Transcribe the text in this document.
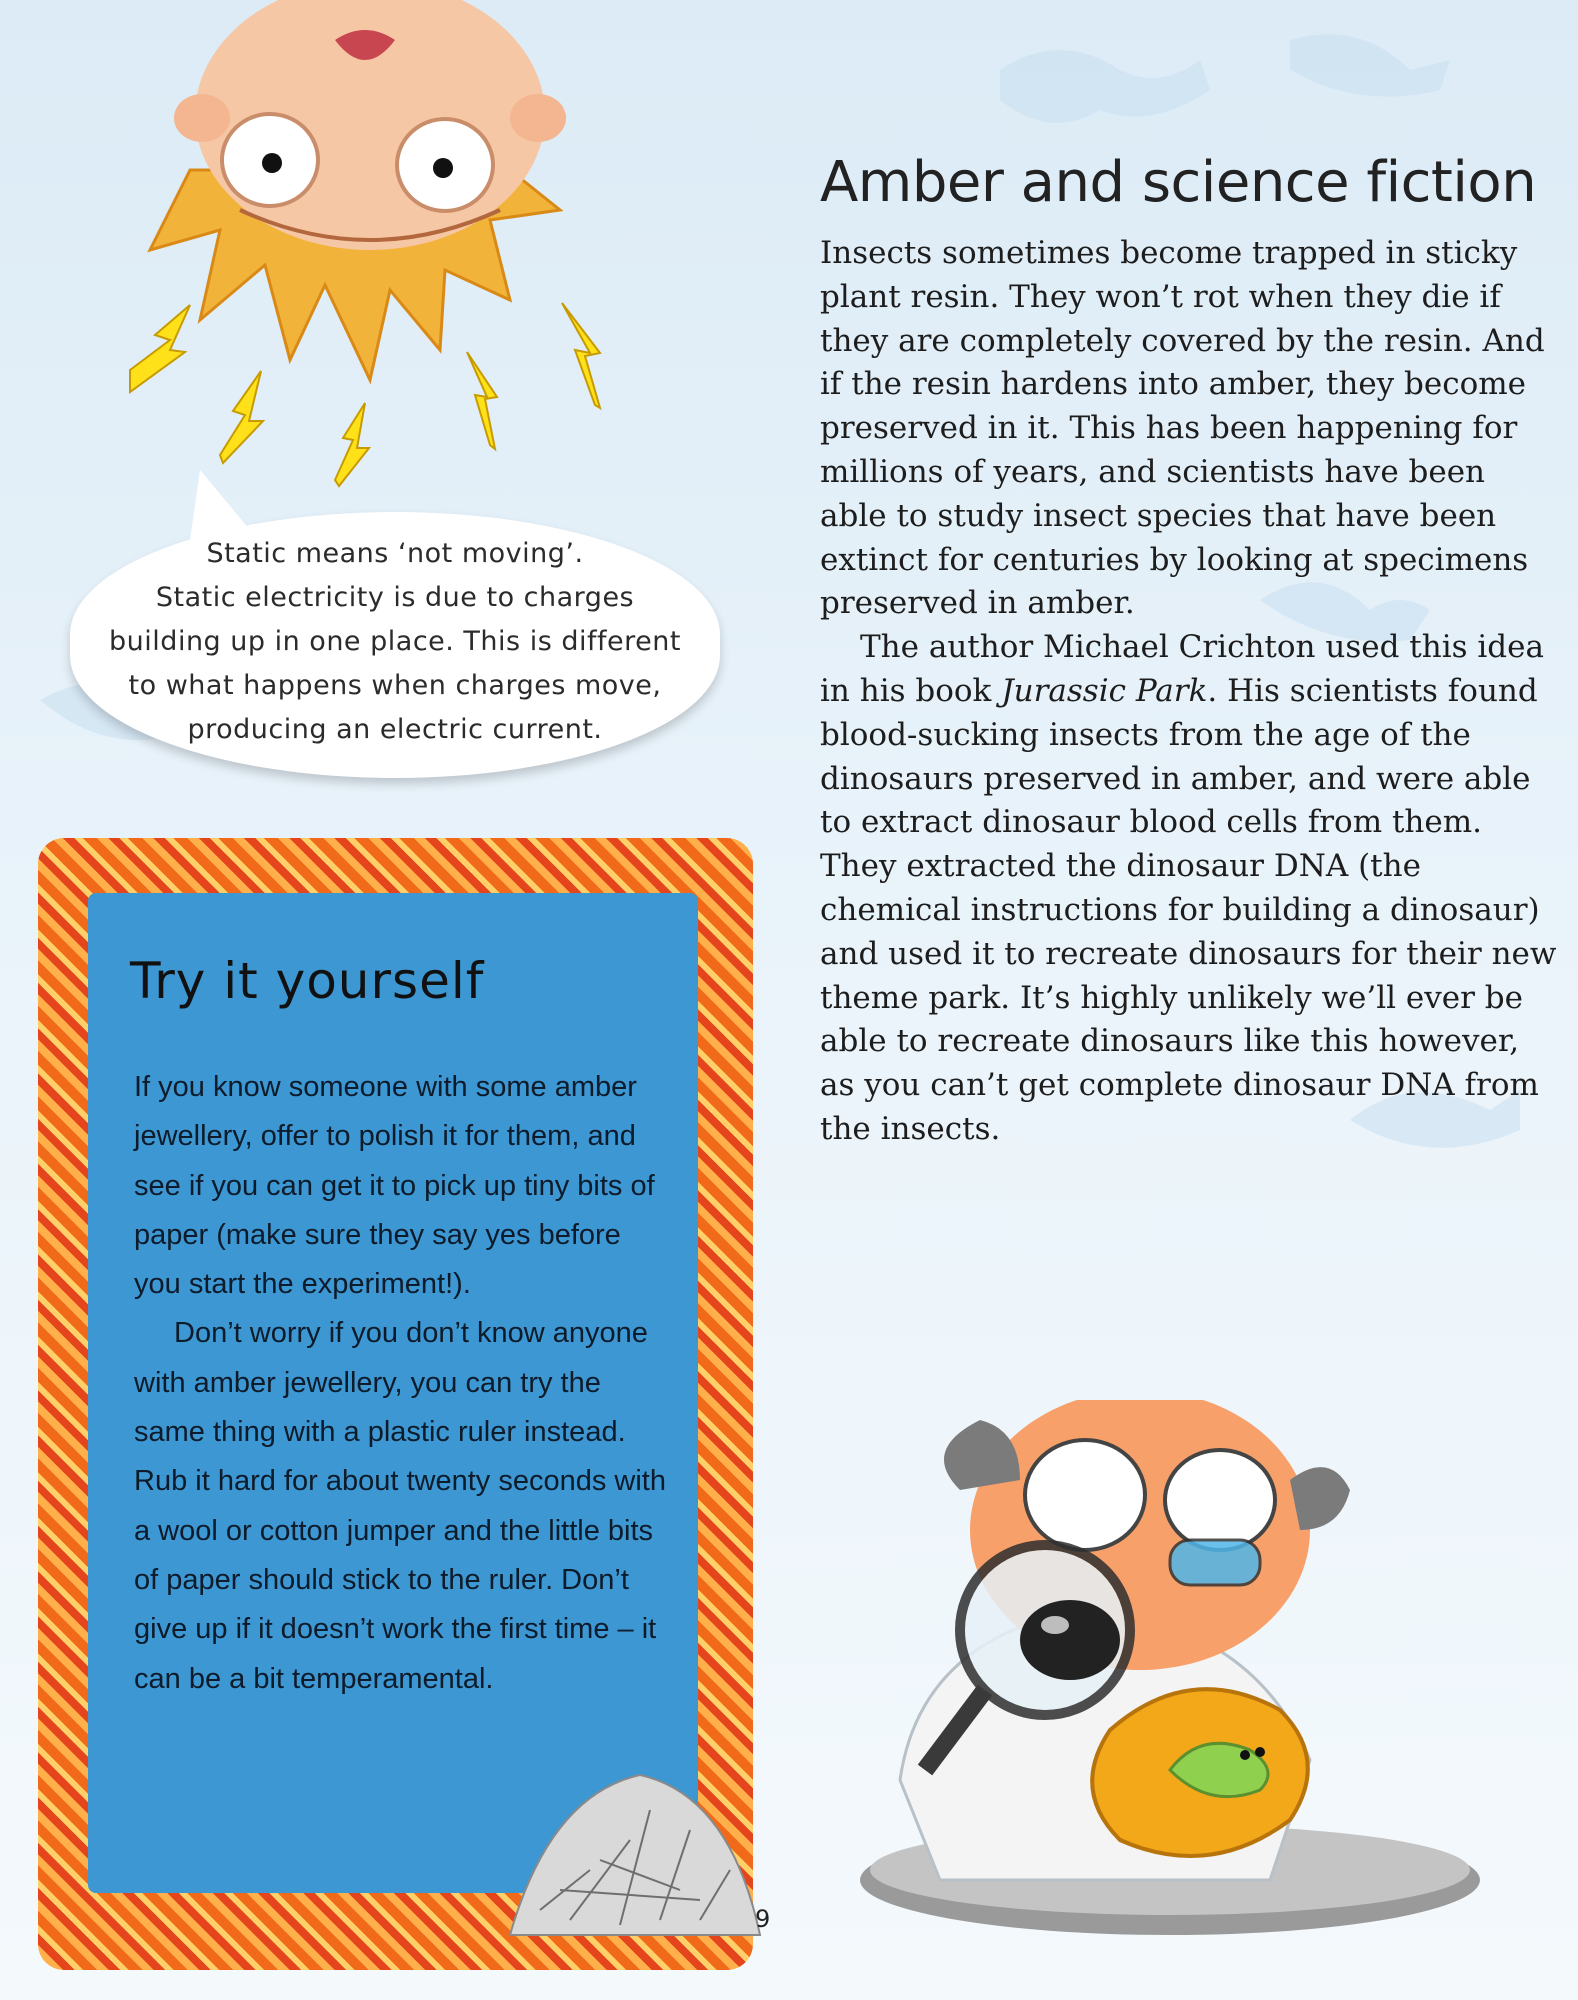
Static means ‘not moving’.
Static electricity is due to charges
building up in one place. This is different
to what happens when charges move,
producing an electric current.
Amber and science fiction

Insects sometimes become trapped in sticky plant resin. They won’t rot when they die if they are completely covered by the resin. And if the resin hardens into amber, they become preserved in it. This has been happening for millions of years, and scientists have been able to study insect species that have been extinct for centuries by looking at specimens preserved in amber.

The author Michael Crichton used this idea in his book Jurassic Park. His scientists found blood-sucking insects from the age of the dinosaurs preserved in amber, and were able to extract dinosaur blood cells from them. They extracted the dinosaur DNA (the chemical instructions for building a dinosaur) and used it to recreate dinosaurs for their new theme park. It’s highly unlikely we’ll ever be able to recreate dinosaurs like this however, as you can’t get complete dinosaur DNA from the insects.

Try it yourself

If you know someone with some amber jewellery, offer to polish it for them, and see if you can get it to pick up tiny bits of paper (make sure they say yes before you start the experiment!).

Don’t worry if you don’t know anyone with amber jewellery, you can try the same thing with a plastic ruler instead. Rub it hard for about twenty seconds with a wool or cotton jumper and the little bits of paper should stick to the ruler. Don’t give up if it doesn’t work the first time – it can be a bit temperamental.

9
